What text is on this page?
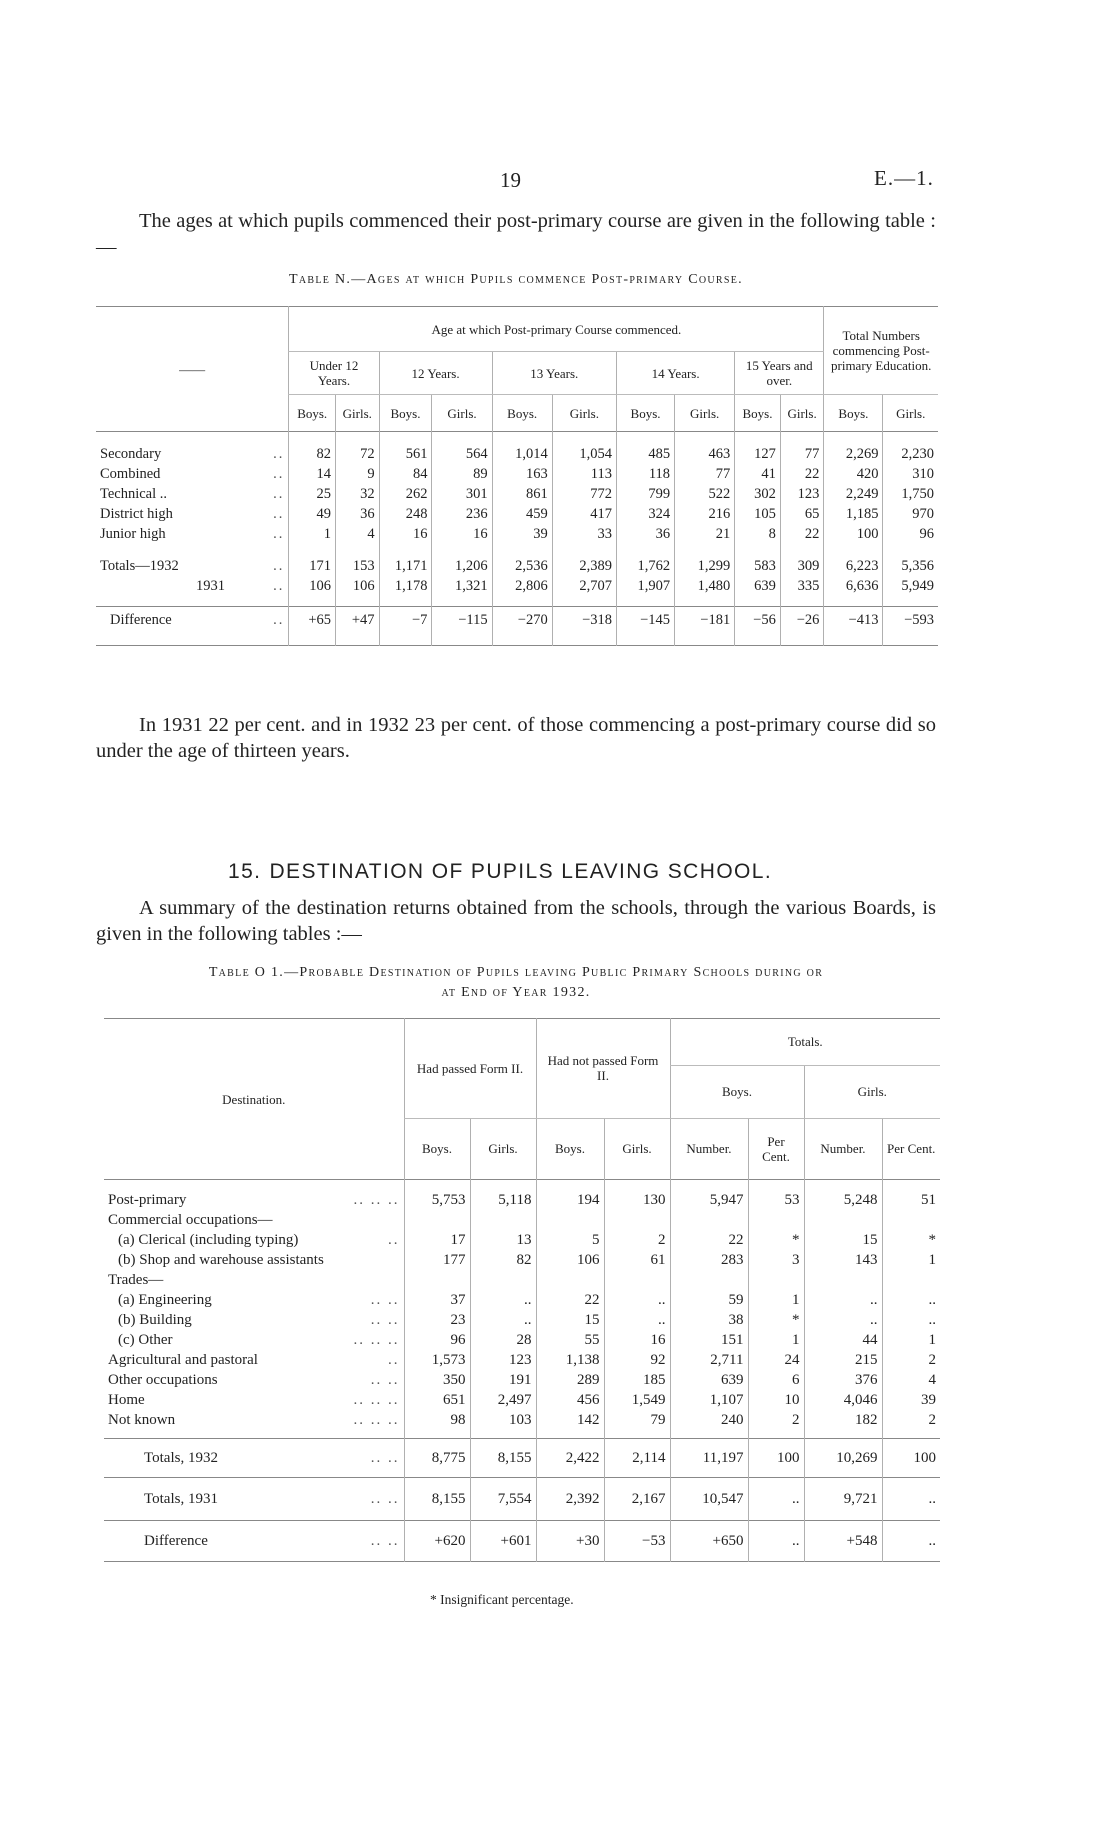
19	E.—1.
The ages at which pupils commenced their post-primary course are given in the following table :—
Table N.—Ages at which Pupils commence Post-primary Course.
——	Age at which Post-primary Course commenced.										Total Numbers commencing Post-primary Education.	
	Under 12 Years.		12 Years.		13 Years.		14 Years.		15 Years and over.			
	Boys.	Girls.	Boys.	Girls.	Boys.	Girls.	Boys.	Girls.	Boys.	Girls.	Boys.	Girls.

Secondary ..	82	72	561	564	1,014	1,054	485	463	127	77	2,269	2,230
Combined ..	14	9	84	89	163	113	118	77	41	22	420	310
Technical .. ..	25	32	262	301	861	772	799	522	302	123	2,249	1,750
District high ..	49	36	248	236	459	417	324	216	105	65	1,185	970
Junior high ..	1	4	16	16	39	33	36	21	8	22	100	96

Totals—1932 ..	171	153	1,171	1,206	2,536	2,389	1,762	1,299	583	309	6,223	5,356
1931 ..	106	106	1,178	1,321	2,806	2,707	1,907	1,480	639	335	6,636	5,949

Difference ..	+65	+47	−7	−115	−270	−318	−145	−181	−56	−26	−413	−593

In 1931 22 per cent. and in 1932 23 per cent. of those commencing a post-primary course did so under the age of thirteen years.
15. DESTINATION OF PUPILS LEAVING SCHOOL.
A summary of the destination returns obtained from the schools, through the various Boards, is given in the following tables :—
Table O 1.—Probable Destination of Pupils leaving Public Primary Schools during or
at End of Year 1932.
Destination.	Had passed Form II.		Had not passed Form II.		Totals.			
					Boys.		Girls.	
	Boys.	Girls.	Boys.	Girls.	Number.	Per Cent.	Number.	Per Cent.

Post-primary .. .. ..	5,753	5,118	194	130	5,947	53	5,248	51
Commercial occupations—

(a) Clerical (including typing) ..	17	13	5	2	22	*	15	*
(b) Shop and warehouse assistants	177	82	106	61	283	3	143	1
Trades—

(a) Engineering .. ..	37	..	22	..	59	1	..	..
(b) Building .. ..	23	..	15	..	38	*	..	..
(c) Other .. .. ..	96	28	55	16	151	1	44	1
Agricultural and pastoral ..	1,573	123	1,138	92	2,711	24	215	2
Other occupations .. ..	350	191	289	185	639	6	376	4
Home .. .. ..	651	2,497	456	1,549	1,107	10	4,046	39
Not known .. .. ..	98	103	142	79	240	2	182	2

Totals, 1932 .. ..	8,775	8,155	2,422	2,114	11,197	100	10,269	100
Totals, 1931 .. ..	8,155	7,554	2,392	2,167	10,547	..	9,721	..
Difference .. ..	+620	+601	+30	−53	+650	..	+548	..
* Insignificant percentage.
